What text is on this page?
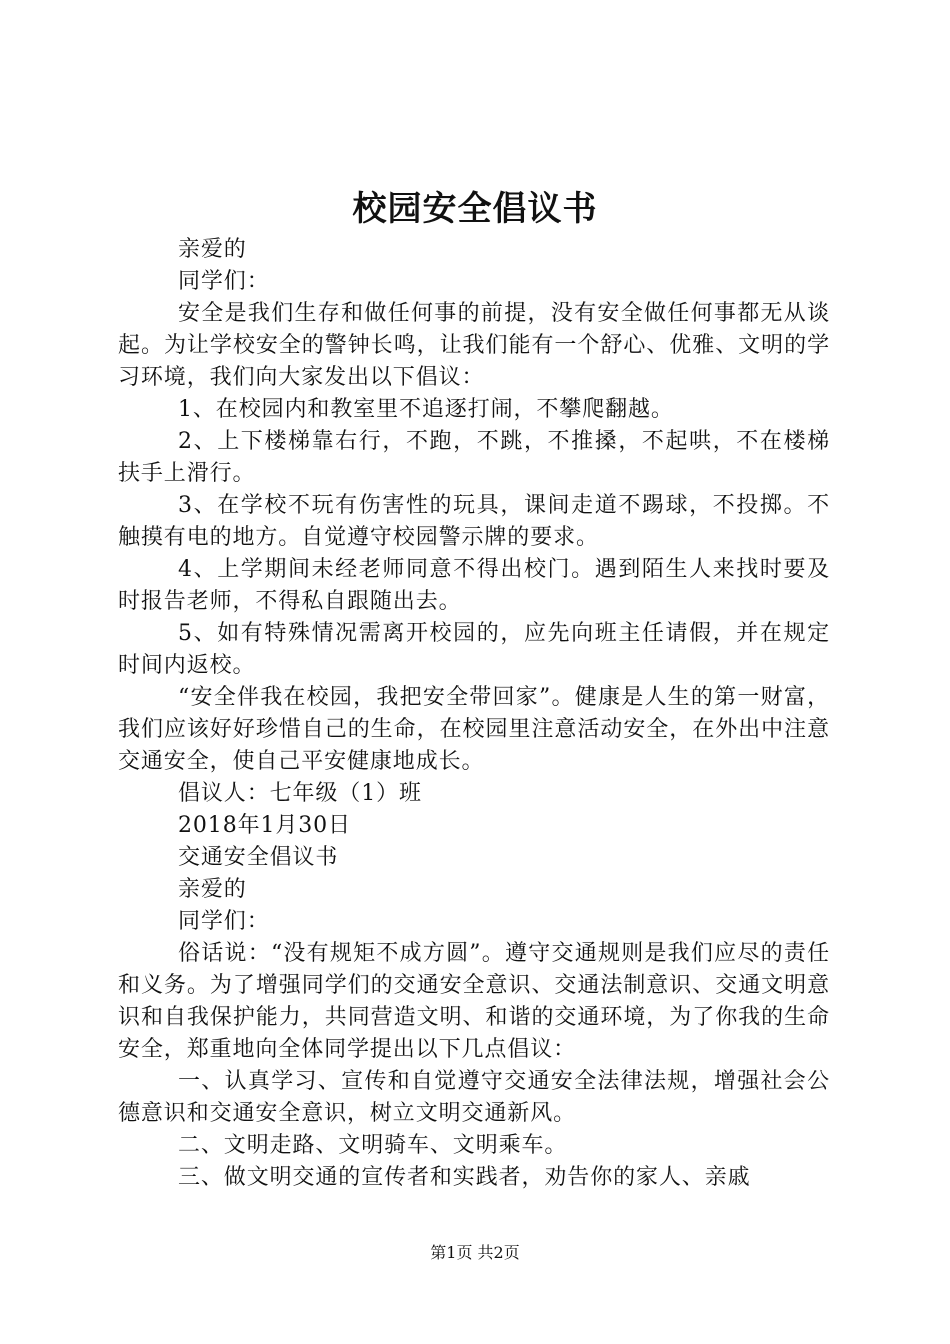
校园安全倡议书

亲爱的

同学们：

安全是我们生存和做任何事的前提，没有安全做任何事都无从谈起。为让学校安全的警钟长鸣，让我们能有一个舒心、优雅、文明的学习环境，我们向大家发出以下倡议：

1、在校园内和教室里不追逐打闹，不攀爬翻越。

2、上下楼梯靠右行，不跑，不跳，不推搡，不起哄，不在楼梯扶手上滑行。

3、在学校不玩有伤害性的玩具，课间走道不踢球，不投掷。不触摸有电的地方。自觉遵守校园警示牌的要求。

4、上学期间未经老师同意不得出校门。遇到陌生人来找时要及时报告老师，不得私自跟随出去。

5、如有特殊情况需离开校园的，应先向班主任请假，并在规定时间内返校。

“安全伴我在校园，我把安全带回家”。健康是人生的第一财富，我们应该好好珍惜自己的生命，在校园里注意活动安全，在外出中注意交通安全，使自己平安健康地成长。

倡议人：七年级（1）班

2018年1月30日

交通安全倡议书

亲爱的

同学们：

俗话说：“没有规矩不成方圆”。遵守交通规则是我们应尽的责任和义务。为了增强同学们的交通安全意识、交通法制意识、交通文明意识和自我保护能力，共同营造文明、和谐的交通环境，为了你我的生命安全，郑重地向全体同学提出以下几点倡议：

一、认真学习、宣传和自觉遵守交通安全法律法规，增强社会公德意识和交通安全意识，树立文明交通新风。

二、文明走路、文明骑车、文明乘车。

三、做文明交通的宣传者和实践者，劝告你的家人、亲戚

第1页 共2页
